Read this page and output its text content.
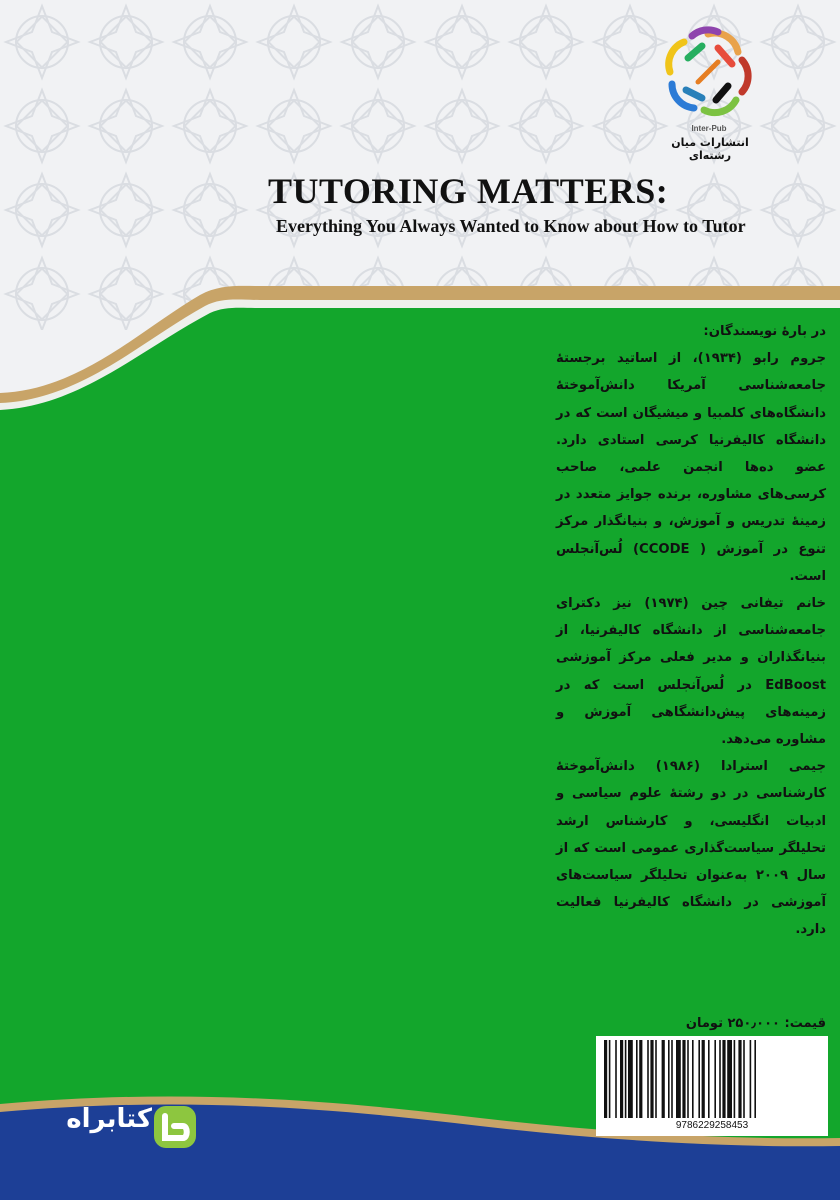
Inter-Pub
انتشارات میان رشته‌ای
TUTORING MATTERS:
Everything You Always Wanted to Know about How to Tutor

در بارهٔ نویسندگان:

جروم رابو (۱۹۳۴)، از اساتید برجستهٔ جامعه‌شناسی آمریکا دانش‌آموختهٔ دانشگاه‌های کلمبیا و میشیگان است که در دانشگاه کالیفرنیا کرسی استادی دارد. عضو ده‌ها انجمن علمی، صاحب کرسی‌های مشاوره، برنده جوایز متعدد در زمینهٔ تدریس و آموزش، و بنیانگذار مرکز تنوع در آموزش ( CCODE) لُس‌آنجلس است.

خانم تیفانی چین (۱۹۷۴) نیز دکترای جامعه‌شناسی از دانشگاه کالیفرنیا، از بنیانگذاران و مدیر فعلی مرکز آموزشی EdBoost در لُس‌آنجلس است که در زمینه‌های پیش‌دانشگاهی آموزش و مشاوره می‌دهد.

جیمی استرادا (۱۹۸۶) دانش‌آموختهٔ کارشناسی در دو رشتهٔ علوم سیاسی و ادبیات انگلیسی، و کارشناس ارشد تحلیلگر سیاست‌گذاری عمومی است که از سال ۲۰۰۹ به‌عنوان تحلیلگر سیاست‌های آموزشی در دانشگاه کالیفرنیا فعالیت دارد.

قیمت: ۲۵۰٫۰۰۰ تومان
9786229258453
کتابراه
